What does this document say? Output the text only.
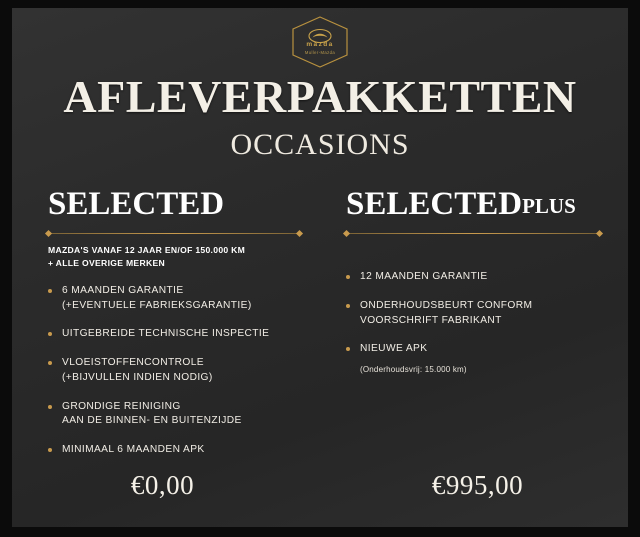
mazda
Muller-Mazda
AFLEVERPAKKETTEN
OCCASIONS
SELECTED
MAZDA'S VANAF 12 JAAR EN/OF 150.000 KM
+ ALLE OVERIGE MERKEN
6 MAANDEN GARANTIE
(+EVENTUELE FABRIEKSGARANTIE)
UITGEBREIDE TECHNISCHE INSPECTIE
VLOEISTOFFENCONTROLE
(+BIJVULLEN INDIEN NODIG)
GRONDIGE REINIGING
AAN DE BINNEN- EN BUITENZIJDE
MINIMAAL 6 MAANDEN APK
SELECTEDPLUS
12 MAANDEN GARANTIE
ONDERHOUDSBEURT CONFORM
VOORSCHRIFT FABRIKANT
NIEUWE APK
(Onderhoudsvrij: 15.000 km)
€0,00	€995,00
